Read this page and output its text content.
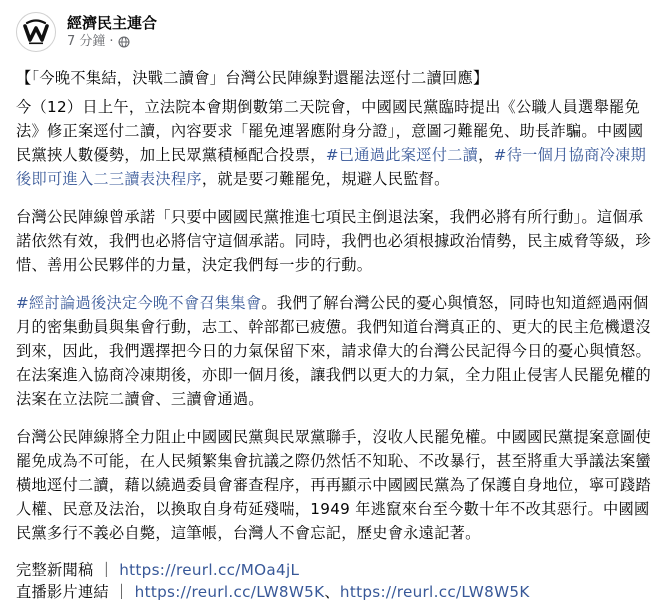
經濟民主連合
7 分鐘 ·

【「今晚不集結，決戰二讀會」台灣公民陣線對還罷法逕付二讀回應】

今（12）日上午，立法院本會期倒數第二天院會，中國國民黨臨時提出《公職人員選舉罷免法》修正案逕付二讀，內容要求「罷免連署應附身分證」，意圖刁難罷免、助長詐騙。中國國民黨挾人數優勢，加上民眾黨積極配合投票，#已通過此案逕付二讀，#待一個月協商冷凍期後即可進入二三讀表決程序，就是要刁難罷免，規避人民監督。

台灣公民陣線曾承諾「只要中國國民黨推進七項民主倒退法案，我們必將有所行動」。這個承諾依然有效，我們也必將信守這個承諾。同時，我們也必須根據政治情勢，民主威脅等級，珍惜、善用公民夥伴的力量，決定我們每一步的行動。

#經討論過後決定今晚不會召集集會。我們了解台灣公民的憂心與憤怒，同時也知道經過兩個月的密集動員與集會行動，志工、幹部都已疲憊。我們知道台灣真正的、更大的民主危機還沒到來，因此，我們選擇把今日的力氣保留下來，請求偉大的台灣公民記得今日的憂心與憤怒。在法案進入協商冷凍期後，亦即一個月後，讓我們以更大的力氣，全力阻止侵害人民罷免權的法案在立法院二讀會、三讀會通過。

台灣公民陣線將全力阻止中國國民黨與民眾黨聯手，沒收人民罷免權。中國國民黨提案意圖使罷免成為不可能，在人民頻繁集會抗議之際仍然恬不知恥、不改暴行，甚至將重大爭議法案蠻橫地逕付二讀，藉以繞過委員會審查程序，再再顯示中國國民黨為了保護自身地位，寧可踐踏人權、民意及法治，以換取自身苟延殘喘，1949 年逃竄來台至今數十年不改其惡行。中國國民黨多行不義必自斃，這筆帳，台灣人不會忘記，歷史會永遠記著。

完整新聞稿 ｜ https://reurl.cc/MOa4jL

直播影片連結 ｜ https://reurl.cc/LW8W5K、https://reurl.cc/LW8W5K
